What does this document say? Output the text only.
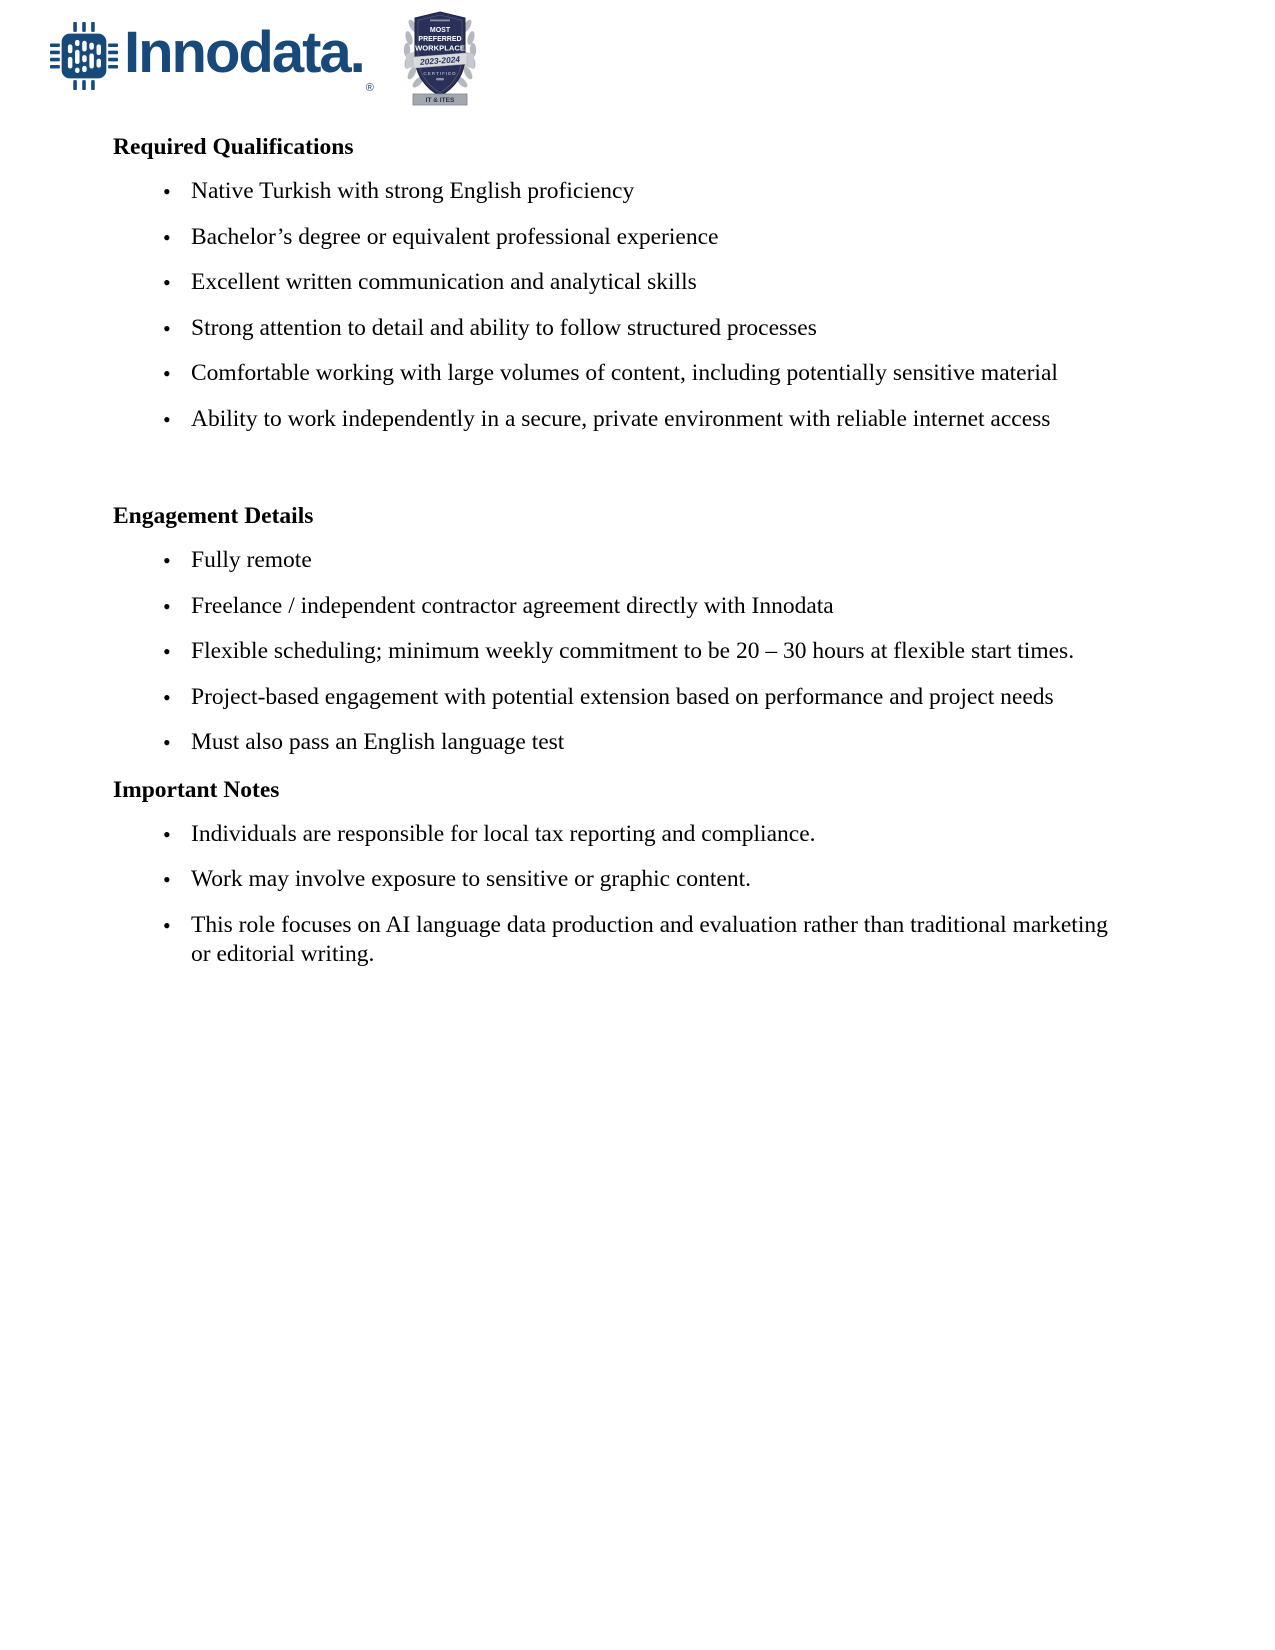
Innodata.
®
MOST
PREFERRED
WORKPLACE
2023-2024
CERTIFIED
IT & ITES
Required Qualifications
• Native Turkish with strong English proficiency
• Bachelor’s degree or equivalent professional experience
• Excellent written communication and analytical skills
• Strong attention to detail and ability to follow structured processes
• Comfortable working with large volumes of content, including potentially sensitive material
• Ability to work independently in a secure, private environment with reliable internet access
Engagement Details
• Fully remote
• Freelance / independent contractor agreement directly with Innodata
• Flexible scheduling; minimum weekly commitment to be 20 – 30 hours at flexible start times.
• Project-based engagement with potential extension based on performance and project needs
• Must also pass an English language test
Important Notes
• Individuals are responsible for local tax reporting and compliance.
• Work may involve exposure to sensitive or graphic content.
• This role focuses on AI language data production and evaluation rather than traditional marketing or editorial writing.
